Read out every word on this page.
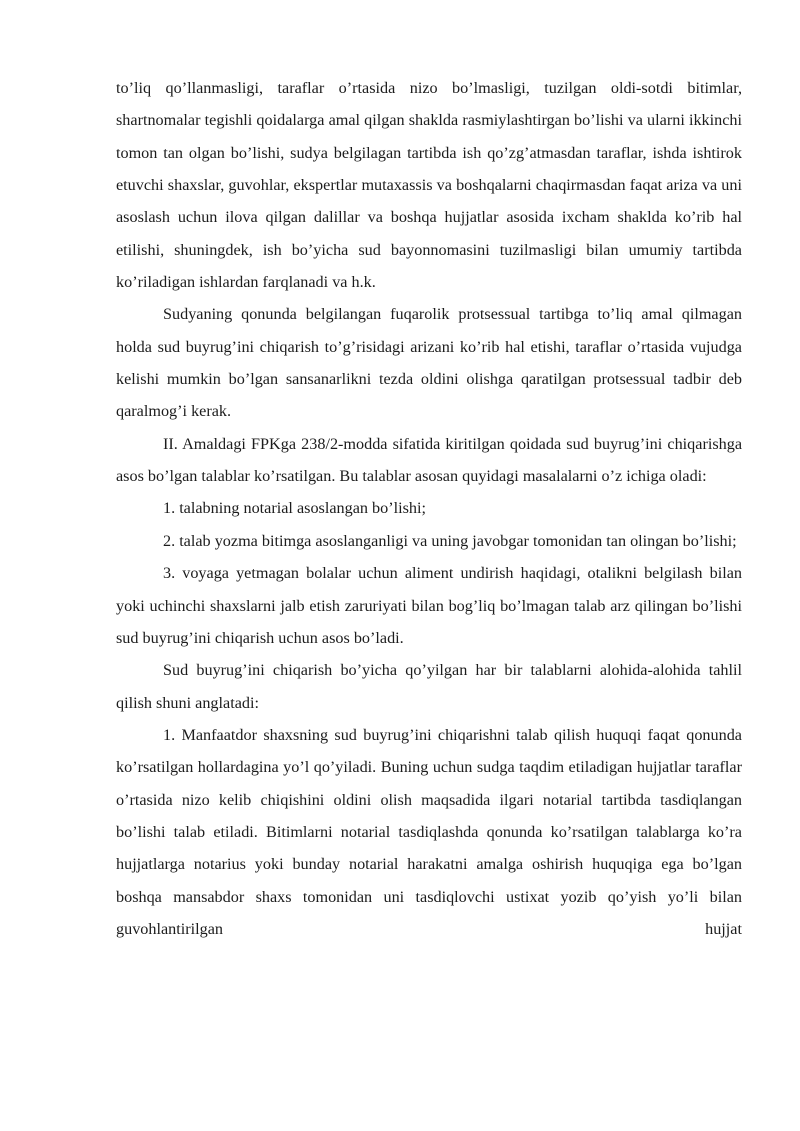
to’liq qo’llanmasligi, taraflar o’rtasida nizo bo’lmasligi, tuzilgan oldi-sotdi bitimlar, shartnomalar tegishli qoidalarga amal qilgan shaklda rasmiylashtirgan bo’lishi va ularni ikkinchi tomon tan olgan bo’lishi, sudya belgilagan tartibda ish qo’zg’atmasdan taraflar, ishda ishtirok etuvchi shaxslar, guvohlar, ekspertlar mutaxassis va boshqalarni chaqirmasdan faqat ariza va uni asoslash uchun ilova qilgan dalillar va boshqa hujjatlar asosida ixcham shaklda ko’rib hal etilishi, shuningdek, ish bo’yicha sud bayonnomasini tuzilmasligi bilan umumiy tartibda ko’riladigan ishlardan farqlanadi va h.k.

Sudyaning qonunda belgilangan fuqarolik protsessual tartibga to’liq amal qilmagan holda sud buyrug’ini chiqarish to’g’risidagi arizani ko’rib hal etishi, taraflar o’rtasida vujudga kelishi mumkin bo’lgan sansanarlikni tezda oldini olishga qaratilgan protsessual tadbir deb qaralmog’i kerak.

II. Amaldagi FPKga 238/2-modda sifatida kiritilgan qoidada sud buyrug’ini chiqarishga asos bo’lgan talablar ko’rsatilgan. Bu talablar asosan quyidagi masalalarni o’z ichiga oladi:

1. talabning notarial asoslangan bo’lishi;

2. talab yozma bitimga asoslanganligi va uning javobgar tomonidan tan olingan bo’lishi;

3. voyaga yetmagan bolalar uchun aliment undirish haqidagi, otalikni belgilash bilan yoki uchinchi shaxslarni jalb etish zaruriyati bilan bog’liq bo’lmagan talab arz qilingan bo’lishi sud buyrug’ini chiqarish uchun asos bo’ladi.

Sud buyrug’ini chiqarish bo’yicha qo’yilgan har bir talablarni alohida-alohida tahlil qilish shuni anglatadi:

1. Manfaatdor shaxsning sud buyrug’ini chiqarishni talab qilish huquqi faqat qonunda ko’rsatilgan hollardagina yo’l qo’yiladi. Buning uchun sudga taqdim etiladigan hujjatlar taraflar o’rtasida nizo kelib chiqishini oldini olish maqsadida ilgari notarial tartibda tasdiqlangan bo’lishi talab etiladi. Bitimlarni notarial tasdiqlashda qonunda ko’rsatilgan talablarga ko’ra hujjatlarga notarius yoki bunday notarial harakatni amalga oshirish huquqiga ega bo’lgan boshqa mansabdor shaxs tomonidan uni tasdiqlovchi ustixat yozib qo’yish yo’li bilan guvohlantirilgan hujjat
